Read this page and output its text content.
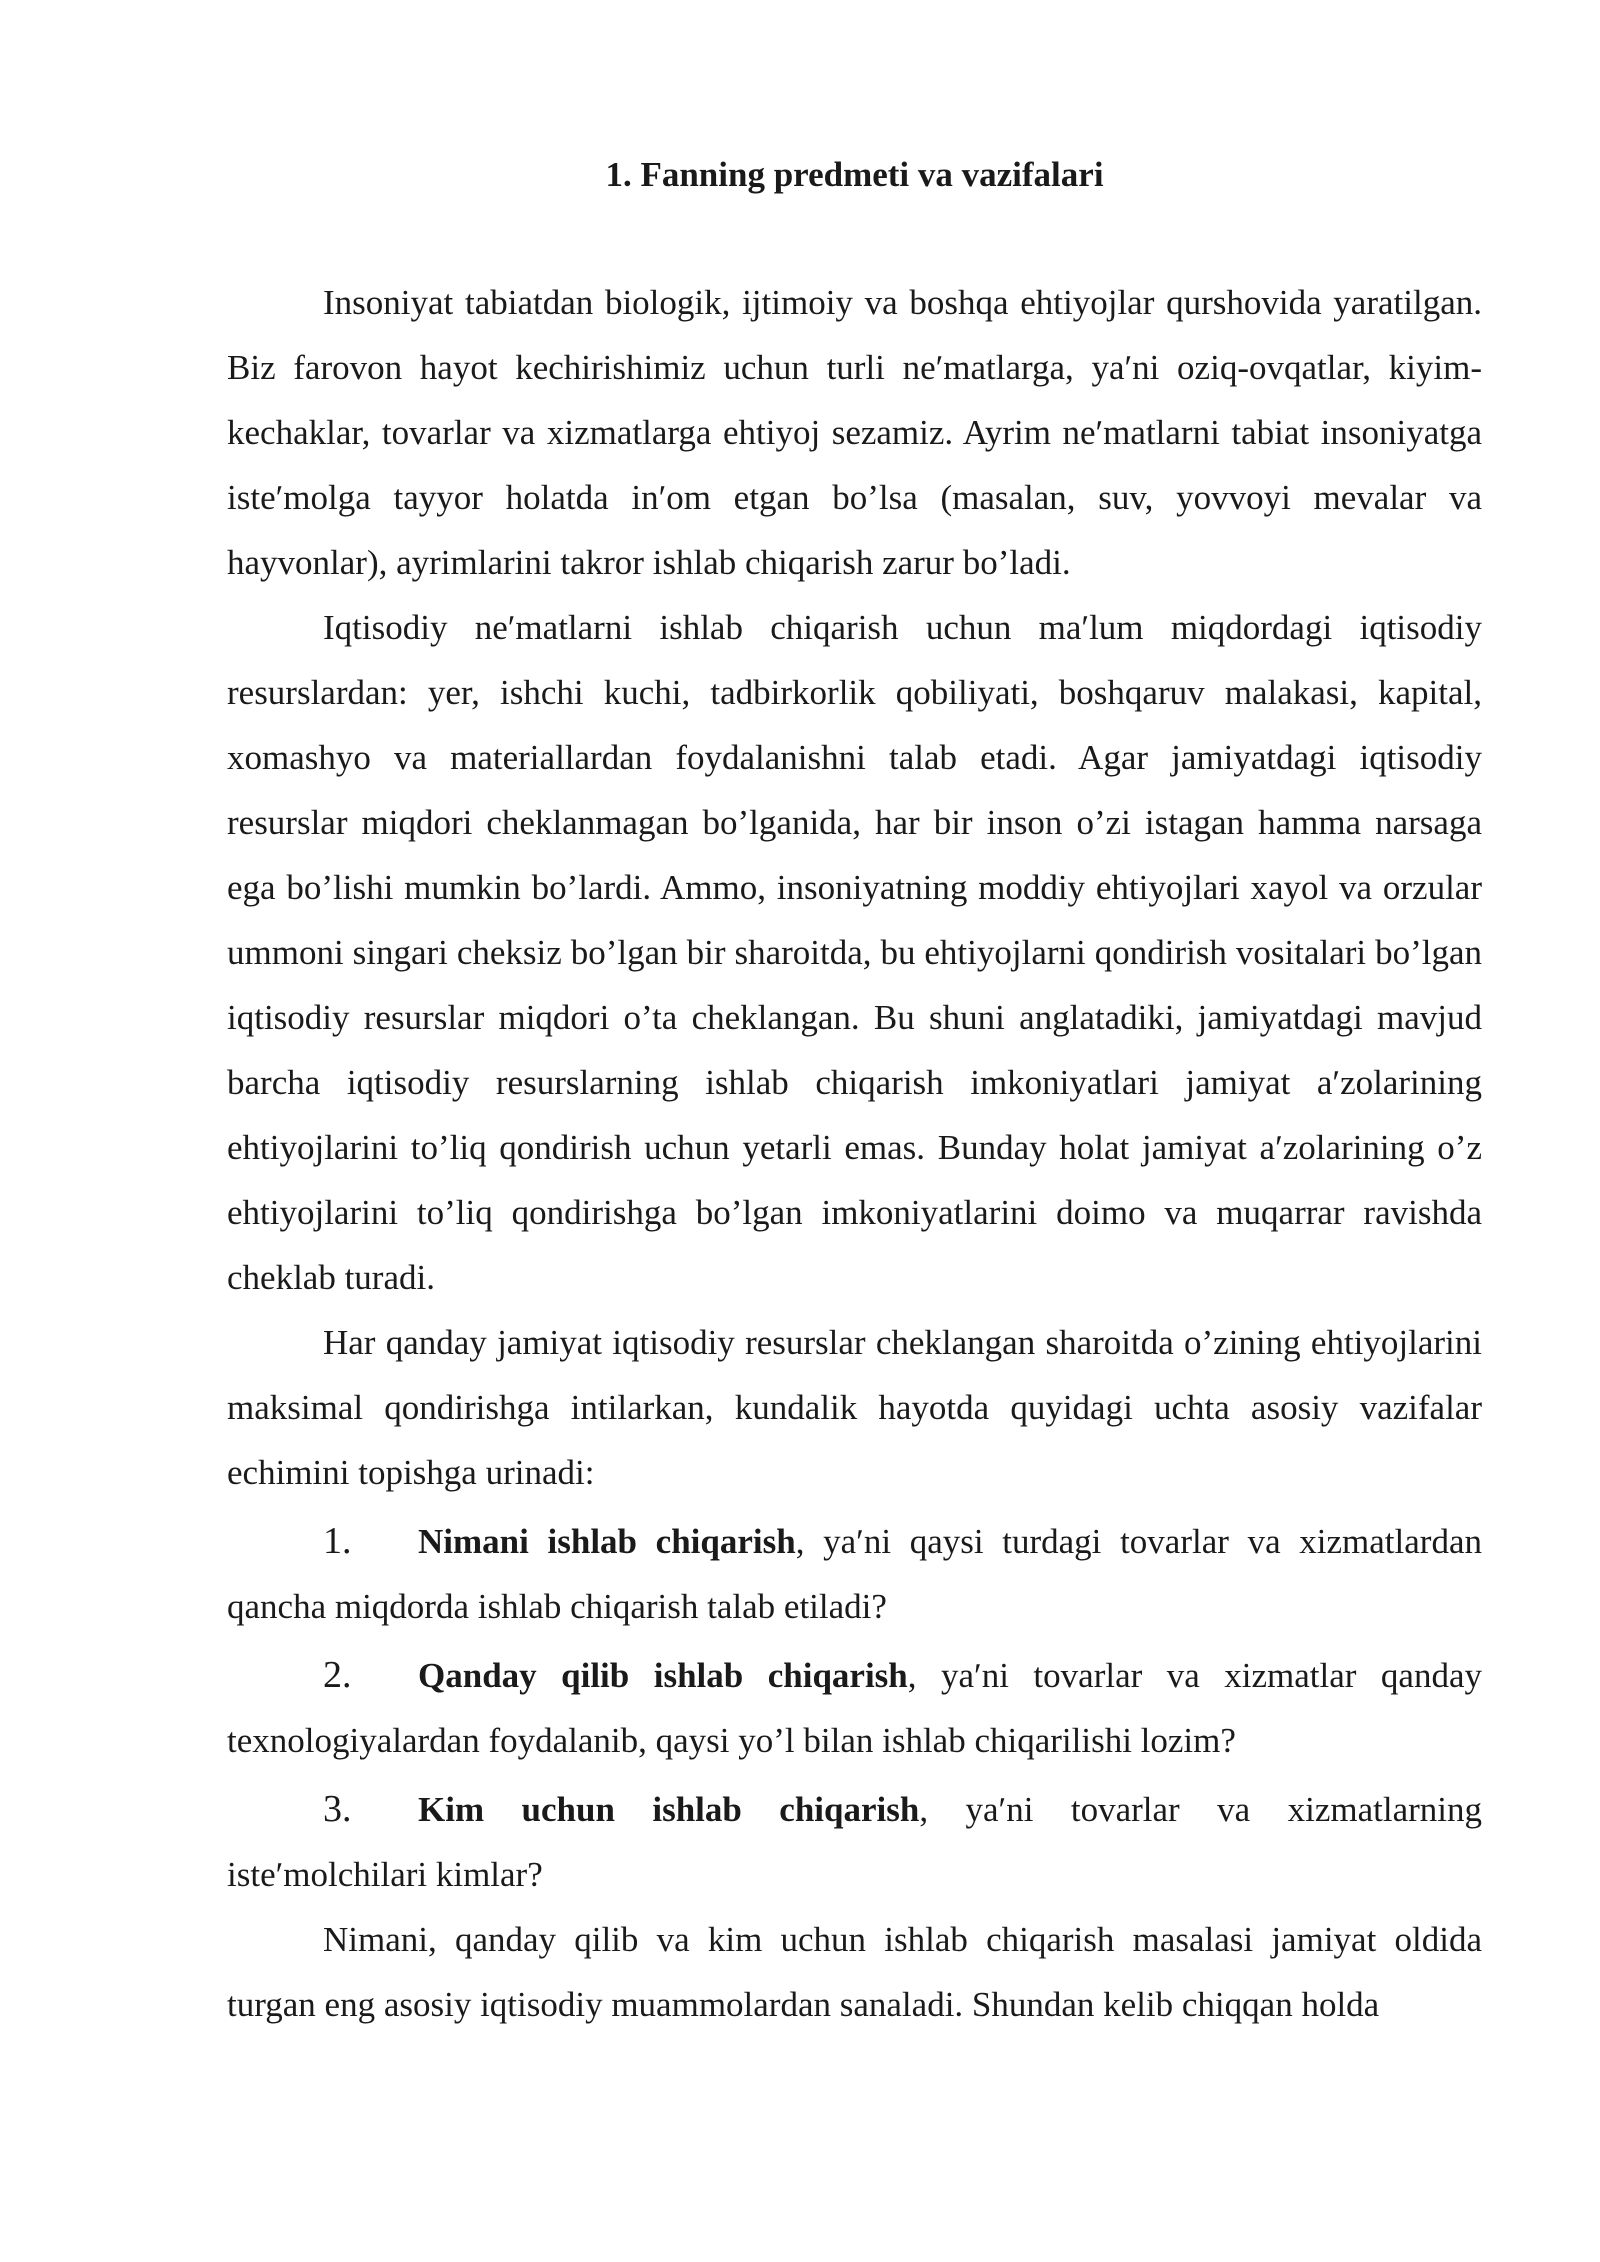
1. Fanning predmeti va vazifalari

Insoniyat tabiatdan biologik, ijtimoiy va boshqa ehtiyojlar qurshovida yaratilgan. Biz farovon hayot kechirishimiz uchun turli neʹmatlarga, yaʹni oziq-ovqatlar, kiyim-kechaklar, tovarlar va xizmatlarga ehtiyoj sezamiz. Ayrim neʹmatlarni tabiat insoniyatga isteʹmolga tayyor holatda inʹom etgan bo’lsa (masalan, suv, yovvoyi mevalar va hayvonlar), ayrimlarini takror ishlab chiqarish zarur bo’ladi.

Iqtisodiy neʹmatlarni ishlab chiqarish uchun maʹlum miqdordagi iqtisodiy resurslardan: yer, ishchi kuchi, tadbirkorlik qobiliyati, boshqaruv malakasi, kapital, xomashyo va materiallardan foydalanishni talab etadi. Agar jamiyatdagi iqtisodiy resurslar miqdori cheklanmagan bo’lganida, har bir inson o’zi istagan hamma narsaga ega bo’lishi mumkin bo’lardi. Ammo, insoniyatning moddiy ehtiyojlari xayol va orzular ummoni singari cheksiz bo’lgan bir sharoitda, bu ehtiyojlarni qondirish vositalari bo’lgan iqtisodiy resurslar miqdori o’ta cheklangan. Bu shuni anglatadiki, jamiyatdagi mavjud barcha iqtisodiy resurslarning ishlab chiqarish imkoniyatlari jamiyat aʹzolarining ehtiyojlarini to’liq qondirish uchun yetarli emas. Bunday holat jamiyat aʹzolarining o’z ehtiyojlarini to’liq qondirishga bo’lgan imkoniyatlarini doimo va muqarrar ravishda cheklab turadi.

Har qanday jamiyat iqtisodiy resurslar cheklangan sharoitda o’zining ehtiyojlarini maksimal qondirishga intilarkan, kundalik hayotda quyidagi uchta asosiy vazifalar echimini topishga urinadi:

1. Nimani ishlab chiqarish, yaʹni qaysi turdagi tovarlar va xizmatlardan qancha miqdorda ishlab chiqarish talab etiladi?

2. Qanday qilib ishlab chiqarish, yaʹni tovarlar va xizmatlar qanday texnologiyalardan foydalanib, qaysi yo’l bilan ishlab chiqarilishi lozim?

3. Kim uchun ishlab chiqarish, yaʹni tovarlar va xizmatlarning isteʹmolchilari kimlar?

Nimani, qanday qilib va kim uchun ishlab chiqarish masalasi jamiyat oldida turgan eng asosiy iqtisodiy muammolardan sanaladi. Shundan kelib chiqqan holda
